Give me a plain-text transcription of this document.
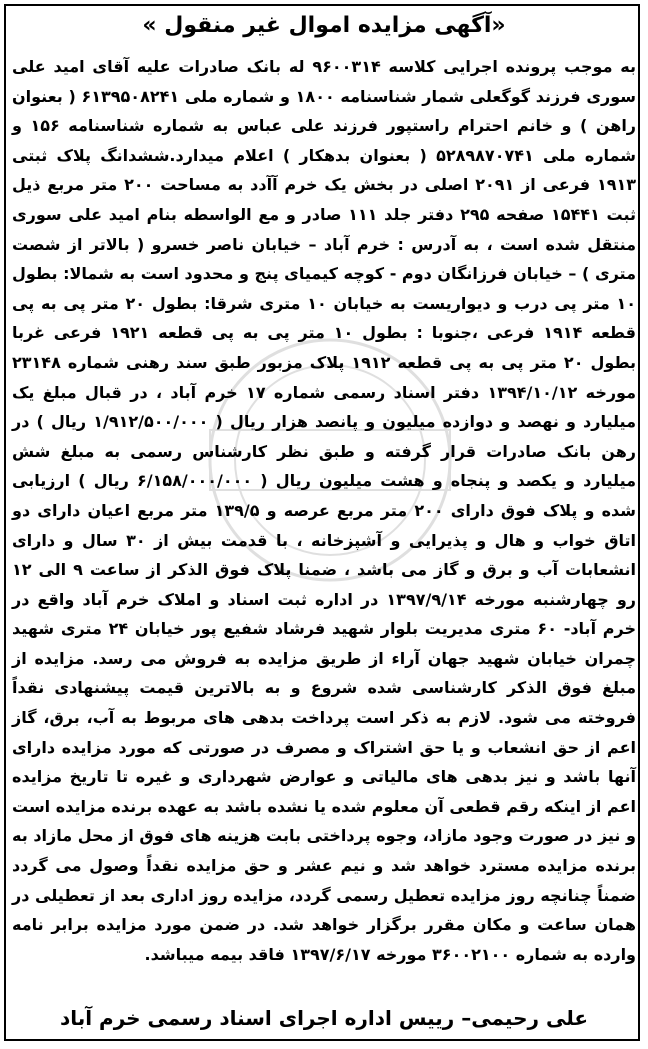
«آگهی مزایده اموال غیر منقول »
به موجب پرونده اجرایی کلاسه ۹۶۰۰۳۱۴ له بانک صادرات علیه آقای امید علی سوری فرزند گوگعلی شمار شناسنامه ۱۸۰۰ و شماره ملی ۶۱۳۹۵۰۸۲۴۱ ( بعنوان راهن ) و خانم احترام راستپور فرزند علی عباس به شماره شناسنامه ۱۵۶ و شماره ملی ۵۲۸۹۸۷۰۷۴۱ ( بعنوان بدهکار ) اعلام میدارد.ششدانگ پلاک ثبتی ۱۹۱۳ فرعی از ۲۰۹۱ اصلی در بخش یک خرم آآدد به مساحت ۲۰۰ متر مربع ذیل ثبت ۱۵۴۴۱ صفحه ۲۹۵ دفتر جلد ۱۱۱ صادر و مع الواسطه بنام امید علی سوری منتقل شده است ، به آدرس : خرم آباد – خیابان ناصر خسرو ( بالاتر از شصت متری ) – خیابان فرزانگان دوم - کوچه کیمیای پنج و محدود است به شمالا: بطول ۱۰ متر پی درب و دیواریست به خیابان ۱۰ متری شرقا: بطول ۲۰ متر پی به پی قطعه ۱۹۱۴ فرعی ،جنوبا : بطول ۱۰ متر پی به پی قطعه ۱۹۲۱ فرعی غربا بطول ۲۰ متر پی به پی قطعه ۱۹۱۲ پلاک مزبور طبق سند رهنی شماره ۲۳۱۴۸ مورخه ۱۳۹۴/۱۰/۱۲ دفتر اسناد رسمی شماره ۱۷ خرم آباد ، در قبال مبلغ یک میلیارد و نهصد و دوازده میلیون و پانصد هزار ریال ( ۱/۹۱۲/۵۰۰/۰۰۰ ریال ) در رهن بانک صادرات قرار گرفته و طبق نظر کارشناس رسمی به مبلغ شش میلیارد و یکصد و پنجاه و هشت میلیون ریال ( ۶/۱۵۸/۰۰۰/۰۰۰ ریال ) ارزیابی شده و پلاک فوق دارای ۲۰۰ متر مربع عرصه و ۱۳۹/۵ متر مربع اعیان دارای دو اتاق خواب و هال و پذیرایی و آشپزخانه ، با قدمت بیش از ۳۰ سال و دارای انشعابات آب و برق و گاز می باشد ، ضمنا پلاک فوق الذکر از ساعت ۹ الی ۱۲ رو چهارشنبه مورخه ۱۳۹۷/۹/۱۴ در اداره ثبت اسناد و املاک خرم آباد واقع در خرم آباد- ۶۰ متری مدیریت بلوار شهید فرشاد شفیع پور خیابان ۲۴ متری شهید چمران خیابان شهید جهان آراء از طریق مزایده به فروش می رسد. مزایده از مبلغ فوق الذکر کارشناسی شده شروع و به بالاترین قیمت پیشنهادی نقداً فروخته می شود. لازم به ذکر است پرداخت بدهی های مربوط به آب، برق، گاز اعم از حق انشعاب و یا حق اشتراک و مصرف در صورتی که مورد مزایده دارای آنها باشد و نیز بدهی های مالیاتی و عوارض شهرداری و غیره تا تاریخ مزایده اعم از اینکه رقم قطعی آن معلوم شده یا نشده باشد به عهده برنده مزایده است و نیز در صورت وجود مازاد، وجوه پرداختی بابت هزینه های فوق از محل مازاد به برنده مزایده مسترد خواهد شد و نیم عشر و حق مزایده نقداً وصول می گردد ضمناً چنانچه روز مزایده تعطیل رسمی گردد، مزایده روز اداری بعد از تعطیلی در همان ساعت و مکان مقرر برگزار خواهد شد. در ضمن مورد مزایده برابر نامه وارده به شماره ۳۶۰۰۲۱۰۰ مورخه ۱۳۹۷/۶/۱۷ فاقد بیمه میباشد.
علی رحیمی– رییس اداره اجرای اسناد رسمی خرم آباد
